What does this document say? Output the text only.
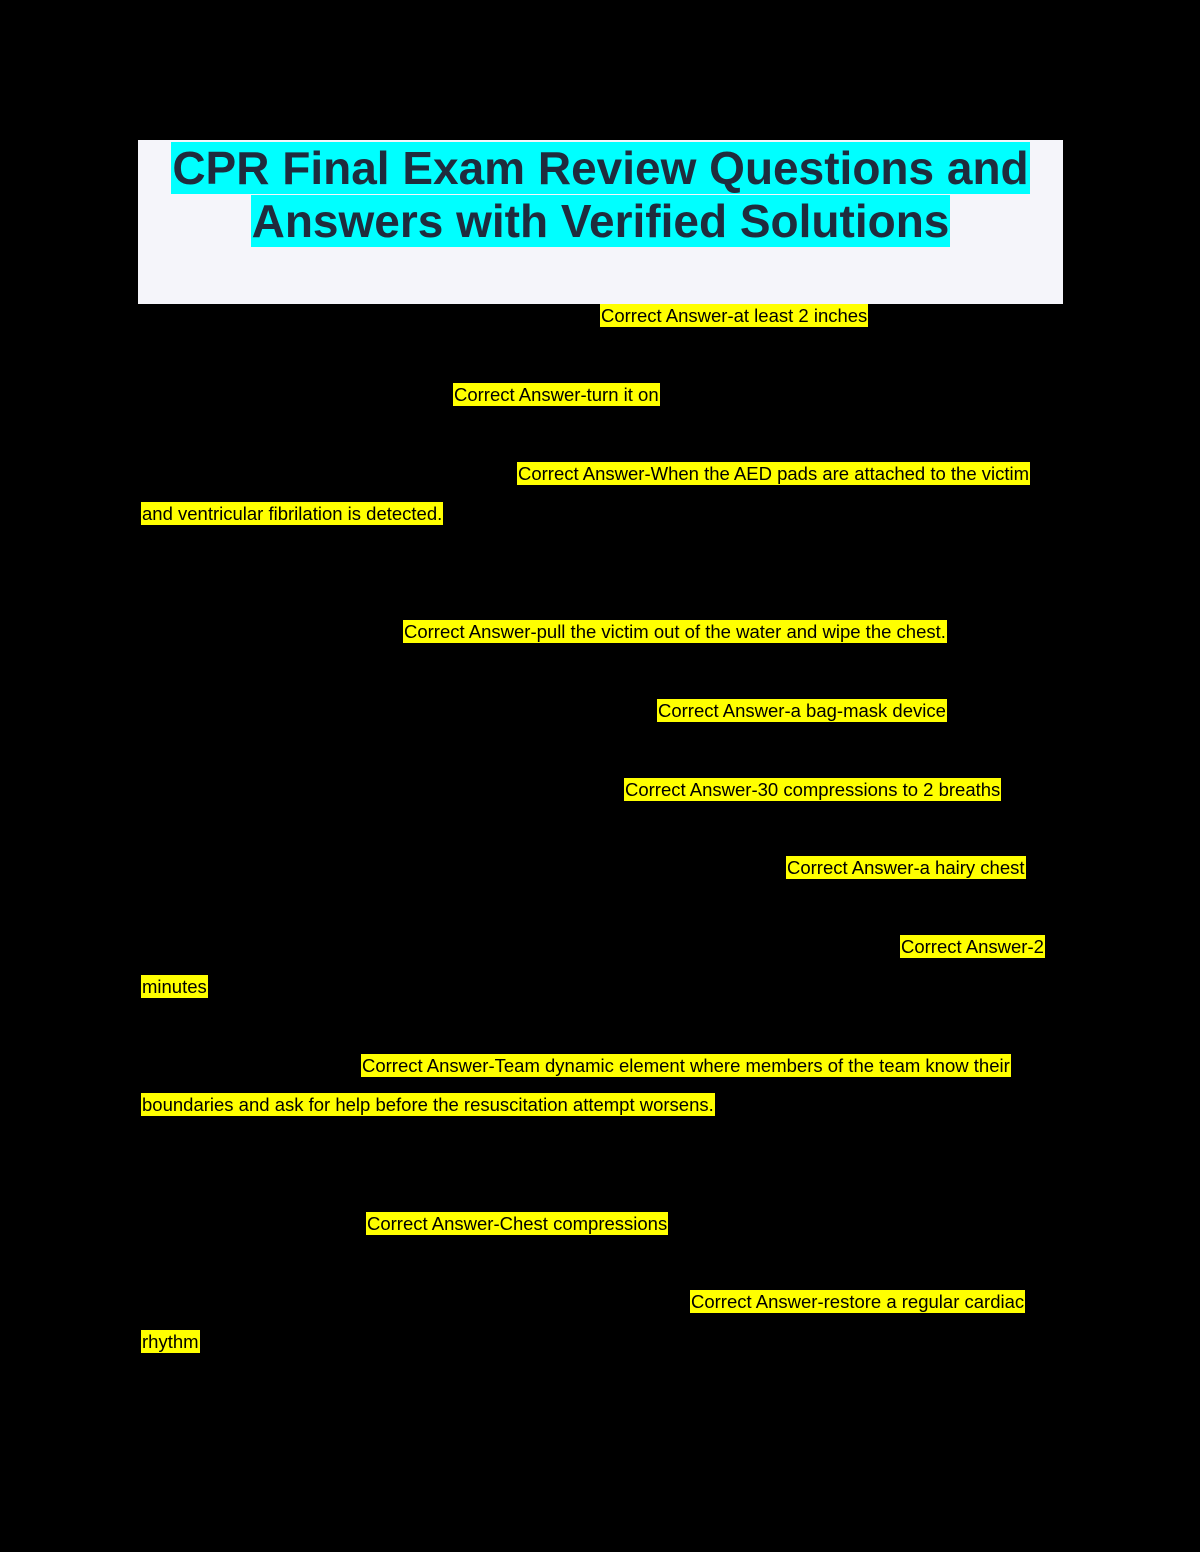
CPR Final Exam Review Questions and
Answers with Verified Solutions

Correct Answer-at least 2 inches

Correct Answer-turn it on

Correct Answer-When the AED pads are attached to the victim

and ventricular fibrilation is detected.

Correct Answer-pull the victim out of the water and wipe the chest.

Correct Answer-a bag-mask device

Correct Answer-30 compressions to 2 breaths

Correct Answer-a hairy chest

Correct Answer-2

minutes

Correct Answer-Team dynamic element where members of the team know their

boundaries and ask for help before the resuscitation attempt worsens.

Correct Answer-Chest compressions

Correct Answer-restore a regular cardiac

rhythm
